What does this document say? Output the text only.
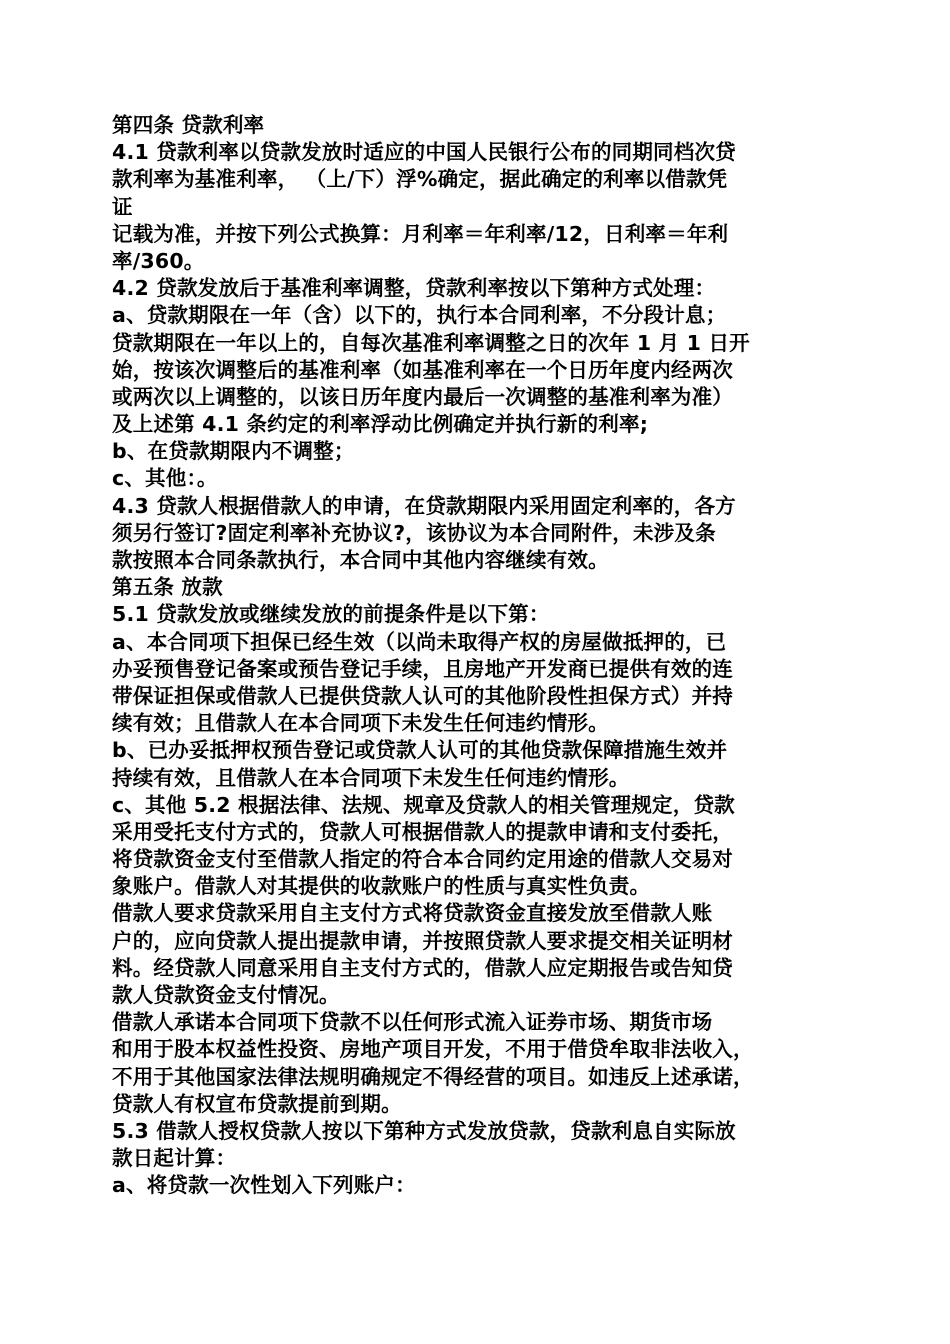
第四条 贷款利率
4.1 贷款利率以贷款发放时适应的中国人民银行公布的同期同档次贷
款利率为基准利率， （上/下）浮%确定，据此确定的利率以借款凭
证
记载为准，并按下列公式换算：月利率＝年利率/12，日利率＝年利
率/360。
4.2 贷款发放后于基准利率调整，贷款利率按以下第种方式处理：
a、贷款期限在一年（含）以下的，执行本合同利率，不分段计息；
贷款期限在一年以上的，自每次基准利率调整之日的次年 1 月 1 日开
始，按该次调整后的基准利率（如基准利率在一个日历年度内经两次
或两次以上调整的，以该日历年度内最后一次调整的基准利率为准）
及上述第 4.1 条约定的利率浮动比例确定并执行新的利率;
b、在贷款期限内不调整；
c、其他：。
4.3 贷款人根据借款人的申请，在贷款期限内采用固定利率的，各方
须另行签订?固定利率补充协议?，该协议为本合同附件，未涉及条
款按照本合同条款执行，本合同中其他内容继续有效。
第五条 放款
5.1 贷款发放或继续发放的前提条件是以下第：
a、本合同项下担保已经生效（以尚未取得产权的房屋做抵押的，已
办妥预售登记备案或预告登记手续，且房地产开发商已提供有效的连
带保证担保或借款人已提供贷款人认可的其他阶段性担保方式）并持
续有效；且借款人在本合同项下未发生任何违约情形。
b、已办妥抵押权预告登记或贷款人认可的其他贷款保障措施生效并
持续有效，且借款人在本合同项下未发生任何违约情形。
c、其他 5.2 根据法律、法规、规章及贷款人的相关管理规定，贷款
采用受托支付方式的，贷款人可根据借款人的提款申请和支付委托，
将贷款资金支付至借款人指定的符合本合同约定用途的借款人交易对
象账户。借款人对其提供的收款账户的性质与真实性负责。
借款人要求贷款采用自主支付方式将贷款资金直接发放至借款人账
户的，应向贷款人提出提款申请，并按照贷款人要求提交相关证明材
料。经贷款人同意采用自主支付方式的，借款人应定期报告或告知贷
款人贷款资金支付情况。
借款人承诺本合同项下贷款不以任何形式流入证券市场、期货市场
和用于股本权益性投资、房地产项目开发，不用于借贷牟取非法收入，
不用于其他国家法律法规明确规定不得经营的项目。如违反上述承诺，
贷款人有权宣布贷款提前到期。
5.3 借款人授权贷款人按以下第种方式发放贷款，贷款利息自实际放
款日起计算：
a、将贷款一次性划入下列账户：
